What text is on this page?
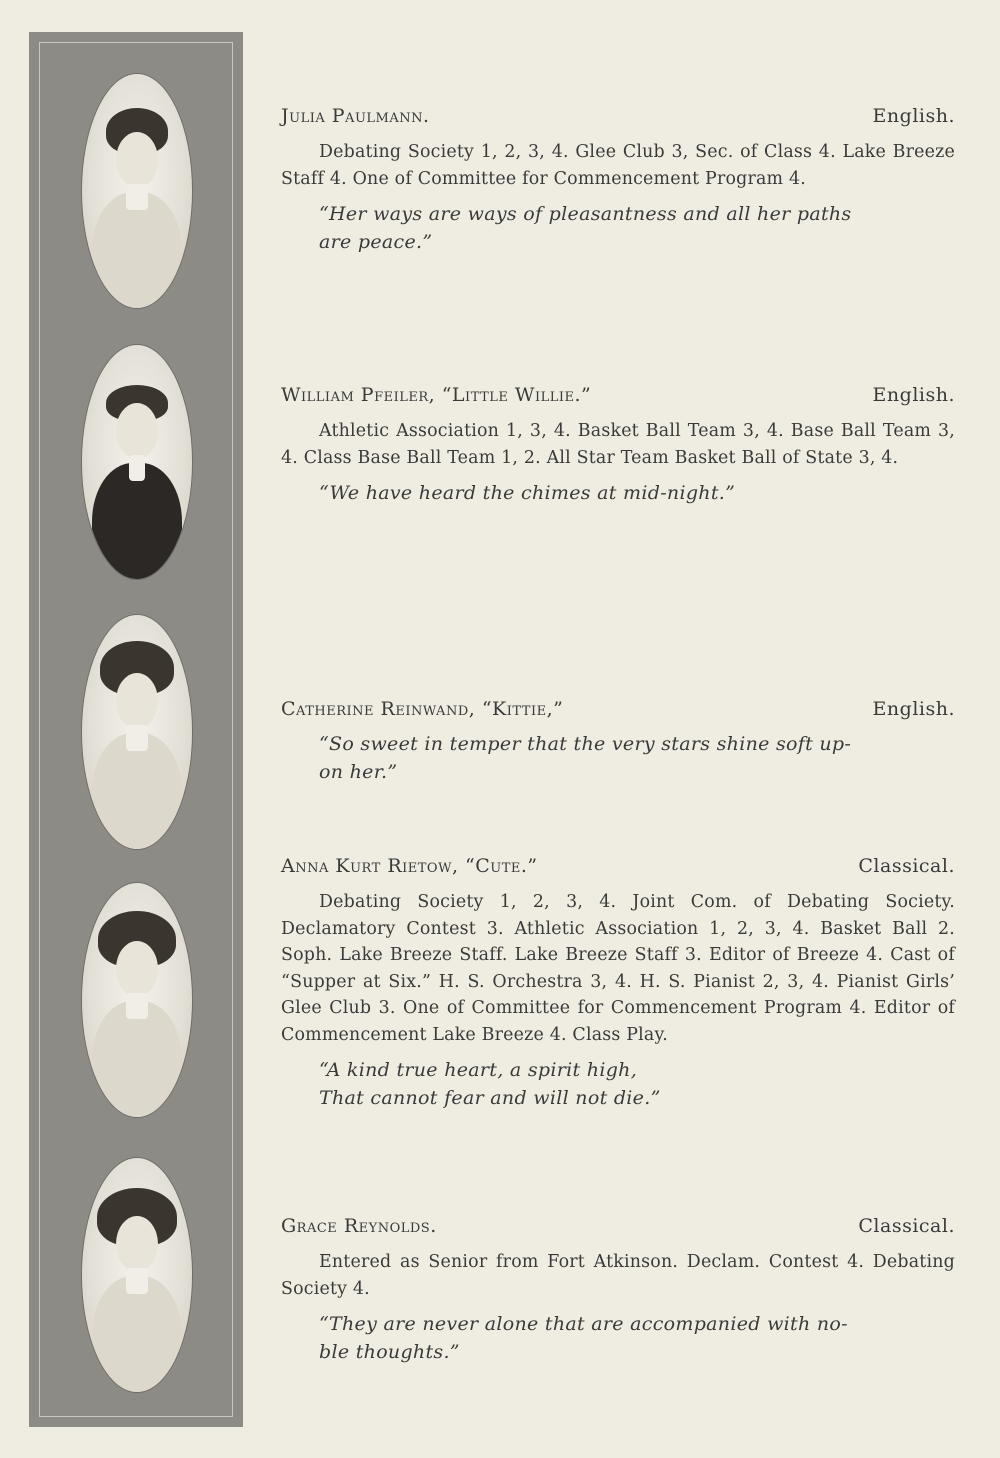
Julia Paulmann.	English.

Debating Society 1, 2, 3, 4. Glee Club 3, Sec. of Class 4. Lake Breeze Staff 4. One of Committee for Commencement Program 4.

“Her ways are ways of pleasantness and all her paths
are peace.”
William Pfeiler, “Little Willie.”	English.

Athletic Association 1, 3, 4. Basket Ball Team 3, 4. Base Ball Team 3, 4. Class Base Ball Team 1, 2. All Star Team Basket Ball of State 3, 4.

“We have heard the chimes at mid-night.”
Catherine Reinwand, “Kittie,”	English.
“So sweet in temper that the very stars shine soft up-
on her.”
Anna Kurt Rietow, “Cute.”	Classical.

Debating Society 1, 2, 3, 4. Joint Com. of Debating Society. Declamatory Contest 3. Athletic Association 1, 2, 3, 4. Basket Ball 2. Soph. Lake Breeze Staff. Lake Breeze Staff 3. Editor of Breeze 4. Cast of “Supper at Six.” H. S. Orchestra 3, 4. H. S. Pianist 2, 3, 4. Pianist Girls’ Glee Club 3. One of Committee for Commencement Program 4. Editor of Commencement Lake Breeze 4. Class Play.

“A kind true heart, a spirit high,
That cannot fear and will not die.”
Grace Reynolds.	Classical.

Entered as Senior from Fort Atkinson. Declam. Contest 4. Debating Society 4.

“They are never alone that are accompanied with no-
ble thoughts.”
